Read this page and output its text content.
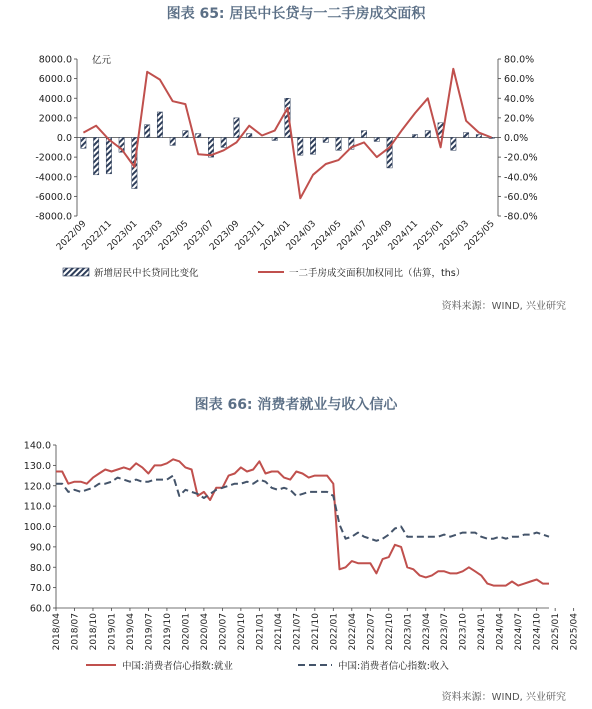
图表 65: 居民中长贷与一二手房成交面积
亿元
8000.0
6000.0
4000.0
2000.0
0.0
-2000.0
-4000.0
-6000.0
-8000.0
80.0%
60.0%
40.0%
20.0%
0.0%
-20.0%
-40.0%
-60.0%
-80.0%
2022/09
2022/11
2023/01
2023/03
2023/05
2023/07
2023/09
2023/11
2024/01
2024/03
2024/05
2024/07
2024/09
2024/11
2025/01
2025/03
2025/05
新增居民中长贷同比变化	一二手房成交面积加权同比（估算，ths）
资料来源：WIND, 兴业研究
图表 66: 消费者就业与收入信心
140.0
130.0
120.0
110.0
100.0
90.0
80.0
70.0
60.0
2018/04 2018/07 2018/10 2019/01 2019/04 2019/07 2019/10 2020/01 2020/04 2020/07 2020/10 2021/01 2021/04 2021/07 2021/10 2022/01 2022/04 2022/07 2022/10 2023/01 2023/04 2023/07 2023/10 2024/01 2024/04 2024/07 2024/10 2025/01 2025/04
中国:消费者信心指数:就业	中国:消费者信心指数:收入
资料来源：WIND, 兴业研究
